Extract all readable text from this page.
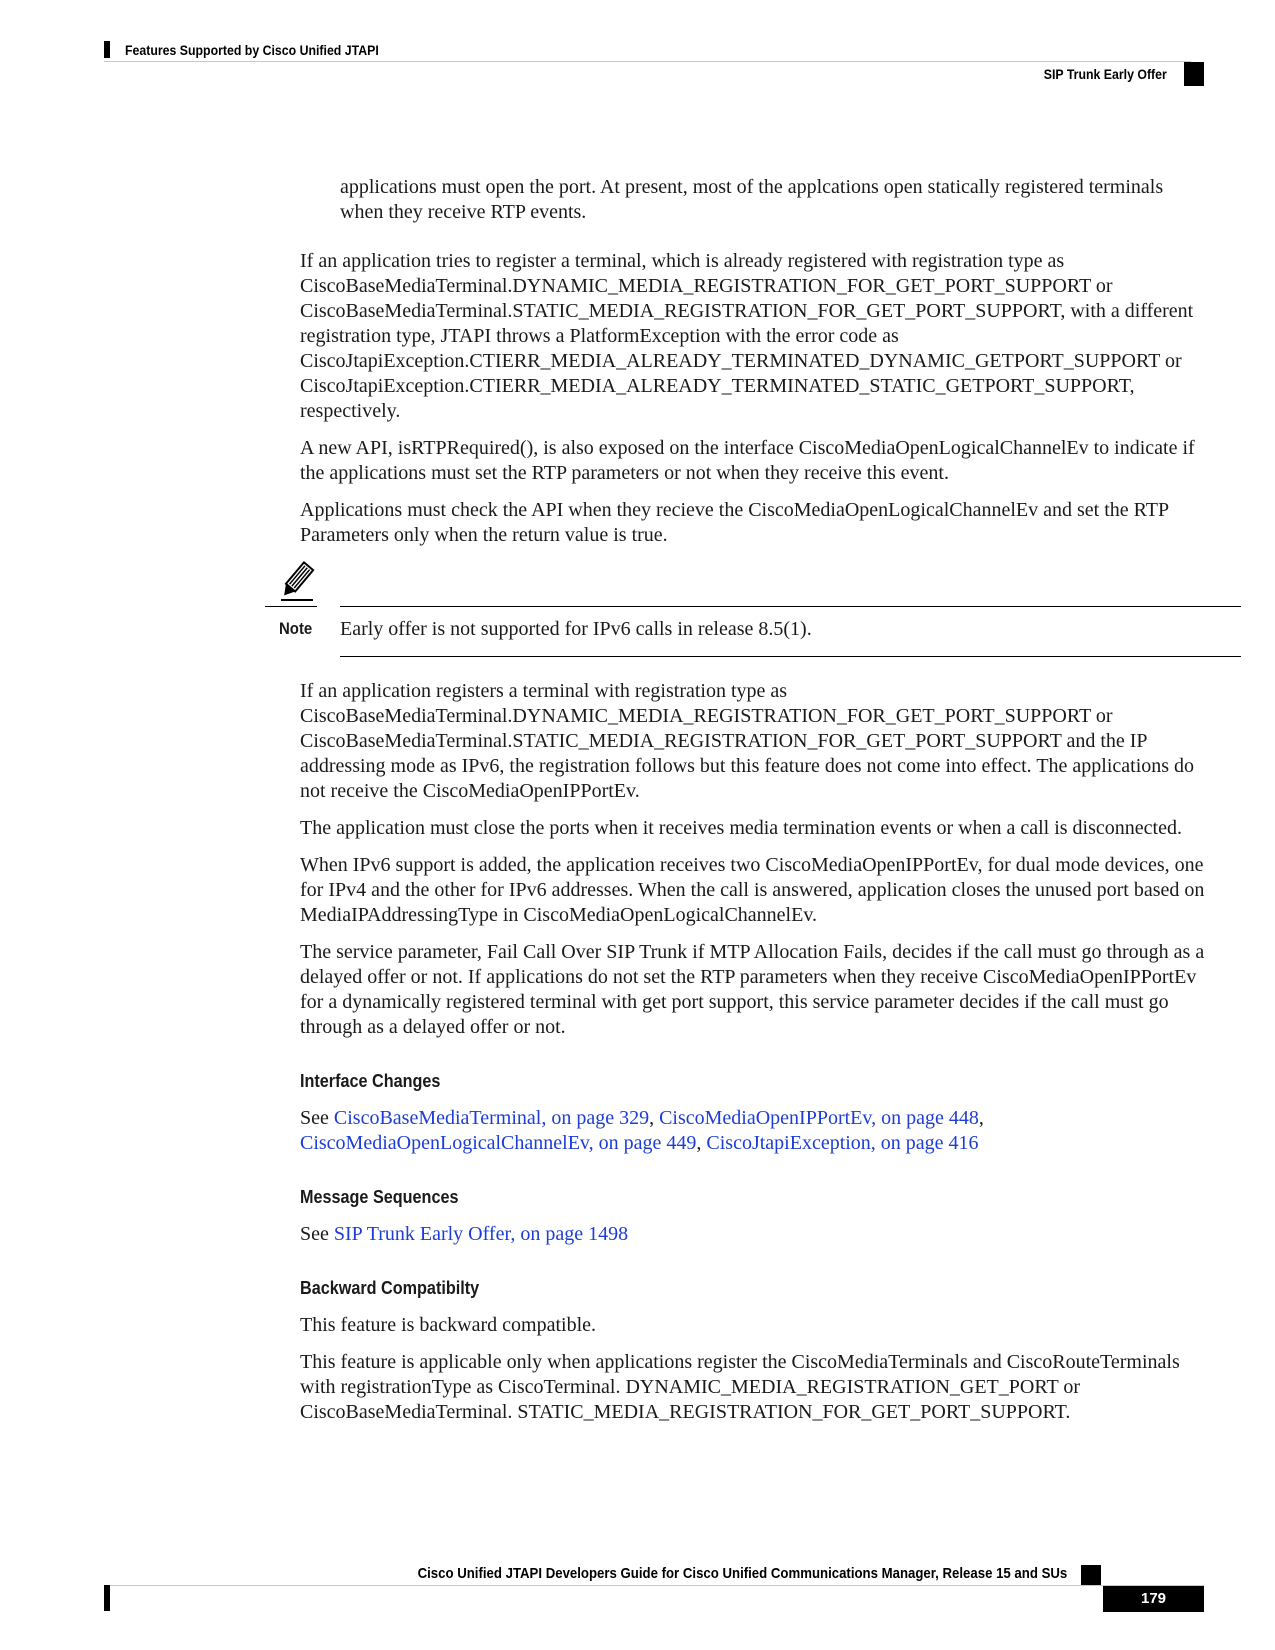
Features Supported by Cisco Unified JTAPI
SIP Trunk Early Offer

applications must open the port. At present, most of the applcations open statically registered terminals when they receive RTP events.

If an application tries to register a terminal, which is already registered with registration type as CiscoBaseMediaTerminal.DYNAMIC_MEDIA_REGISTRATION_FOR_GET_PORT_SUPPORT or CiscoBaseMediaTerminal.STATIC_MEDIA_REGISTRATION_FOR_GET_PORT_SUPPORT, with a different registration type, JTAPI throws a PlatformException with the error code as CiscoJtapiException.CTIERR_MEDIA_ALREADY_TERMINATED_DYNAMIC_GETPORT_SUPPORT or CiscoJtapiException.CTIERR_MEDIA_ALREADY_TERMINATED_STATIC_GETPORT_SUPPORT, respectively.

A new API, isRTPRequired(), is also exposed on the interface CiscoMediaOpenLogicalChannelEv to indicate if the applications must set the RTP parameters or not when they receive this event.

Applications must check the API when they recieve the CiscoMediaOpenLogicalChannelEv and set the RTP Parameters only when the return value is true.

Note Early offer is not supported for IPv6 calls in release 8.5(1).

If an application registers a terminal with registration type as CiscoBaseMediaTerminal.DYNAMIC_MEDIA_REGISTRATION_FOR_GET_PORT_SUPPORT or CiscoBaseMediaTerminal.STATIC_MEDIA_REGISTRATION_FOR_GET_PORT_SUPPORT and the IP addressing mode as IPv6, the registration follows but this feature does not come into effect. The applications do not receive the CiscoMediaOpenIPPortEv.

The application must close the ports when it receives media termination events or when a call is disconnected.

When IPv6 support is added, the application receives two CiscoMediaOpenIPPortEv, for dual mode devices, one for IPv4 and the other for IPv6 addresses. When the call is answered, application closes the unused port based on MediaIPAddressingType in CiscoMediaOpenLogicalChannelEv.

The service parameter, Fail Call Over SIP Trunk if MTP Allocation Fails, decides if the call must go through as a delayed offer or not. If applications do not set the RTP parameters when they receive CiscoMediaOpenIPPortEv for a dynamically registered terminal with get port support, this service parameter decides if the call must go through as a delayed offer or not.

Interface Changes

See CiscoBaseMediaTerminal, on page 329, CiscoMediaOpenIPPortEv, on page 448, CiscoMediaOpenLogicalChannelEv, on page 449, CiscoJtapiException, on page 416

Message Sequences

See SIP Trunk Early Offer, on page 1498

Backward Compatibilty

This feature is backward compatible.

This feature is applicable only when applications register the CiscoMediaTerminals and CiscoRouteTerminals with registrationType as CiscoTerminal. DYNAMIC_MEDIA_REGISTRATION_GET_PORT or CiscoBaseMediaTerminal. STATIC_MEDIA_REGISTRATION_FOR_GET_PORT_SUPPORT.

Cisco Unified JTAPI Developers Guide for Cisco Unified Communications Manager, Release 15 and SUs
179
